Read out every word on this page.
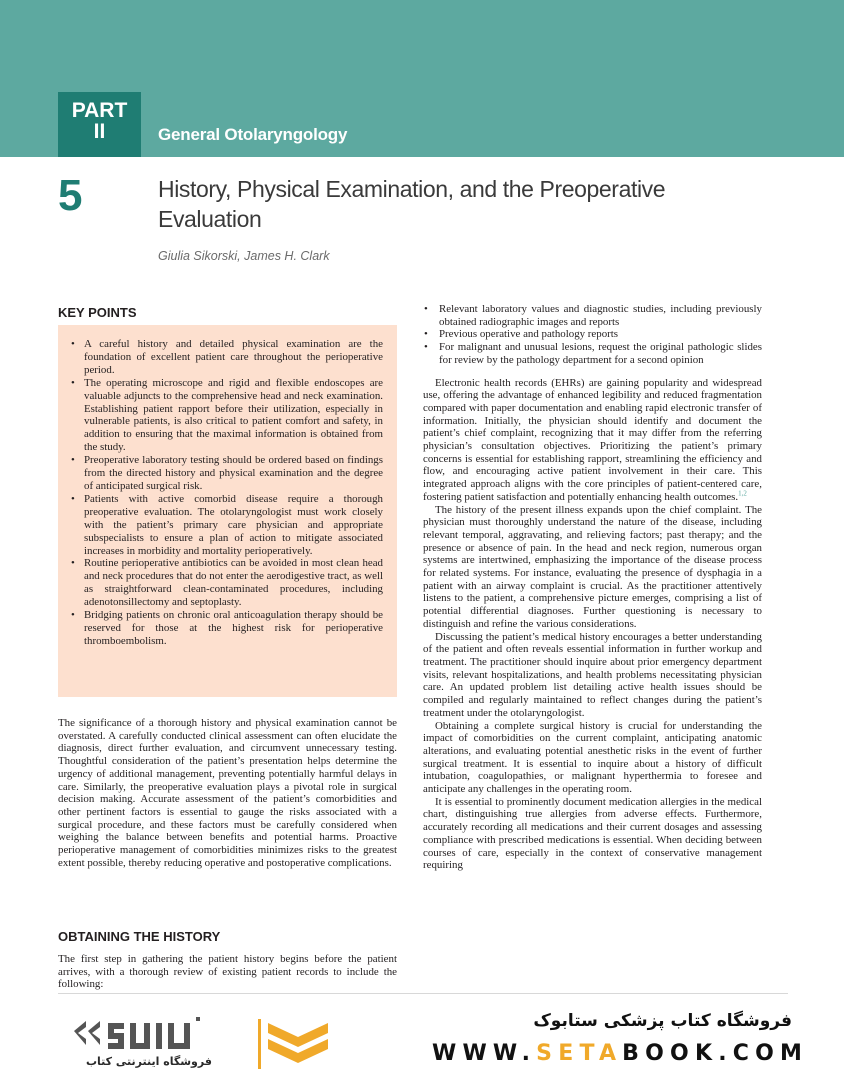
PART
II	General Otolaryngology
5	History, Physical Examination, and the Preoperative Evaluation
Giulia Sikorski, James H. Clark
KEY POINTS
• A careful history and detailed physical examination are the foundation of excellent patient care throughout the perioperative period.
• The operating microscope and rigid and flexible endoscopes are valuable adjuncts to the comprehensive head and neck examination. Establishing patient rapport before their utilization, especially in vulnerable patients, is also critical to patient comfort and safety, in addition to ensuring that the maximal information is obtained from the study.
• Preoperative laboratory testing should be ordered based on findings from the directed history and physical examination and the degree of anticipated surgical risk.
• Patients with active comorbid disease require a thorough preoperative evaluation. The otolaryngologist must work closely with the patient’s primary care physician and appropriate subspecialists to ensure a plan of action to mitigate associated increases in morbidity and mortality perioperatively.
• Routine perioperative antibiotics can be avoided in most clean head and neck procedures that do not enter the aerodigestive tract, as well as straightforward clean-contaminated procedures, including adenotonsillectomy and septoplasty.
• Bridging patients on chronic oral anticoagulation therapy should be reserved for those at the highest risk for perioperative thromboembolism.

The significance of a thorough history and physical examination cannot be overstated. A carefully conducted clinical assessment can often elucidate the diagnosis, direct further evaluation, and circumvent unnecessary testing. Thoughtful consideration of the patient’s presentation helps determine the urgency of additional management, preventing potentially harmful delays in care. Similarly, the preoperative evaluation plays a pivotal role in surgical decision making. Accurate assessment of the patient’s comorbidities and other pertinent factors is essential to gauge the risks associated with a surgical procedure, and these factors must be carefully considered when weighing the balance between benefits and potential harms. Proactive perioperative management of comorbidities minimizes risks to the greatest extent possible, thereby reducing operative and postoperative complications.

OBTAINING THE HISTORY

The first step in gathering the patient history begins before the patient arrives, with a thorough review of existing patient records to include the following:

• Relevant laboratory values and diagnostic studies, including previously obtained radiographic images and reports
• Previous operative and pathology reports
• For malignant and unusual lesions, request the original pathologic slides for review by the pathology department for a second opinion

Electronic health records (EHRs) are gaining popularity and widespread use, offering the advantage of enhanced legibility and reduced fragmentation compared with paper documentation and enabling rapid electronic transfer of information. Initially, the physician should identify and document the patient’s chief complaint, recognizing that it may differ from the referring physician’s consultation objectives. Prioritizing the patient’s primary concerns is essential for establishing rapport, streamlining the efficiency and flow, and encouraging active patient involvement in their care. This integrated approach aligns with the core principles of patient-centered care, fostering patient satisfaction and potentially enhancing health outcomes.$^{1,2}$

The history of the present illness expands upon the chief complaint. The physician must thoroughly understand the nature of the disease, including relevant temporal, aggravating, and relieving factors; past therapy; and the presence or absence of pain. In the head and neck region, numerous organ systems are intertwined, emphasizing the importance of the disease process for related systems. For instance, evaluating the presence of dysphagia in a patient with an airway complaint is crucial. As the practitioner attentively listens to the patient, a comprehensive picture emerges, comprising a list of potential differential diagnoses. Further questioning is necessary to distinguish and refine the various considerations.

Discussing the patient’s medical history encourages a better understanding of the patient and often reveals essential information in further workup and treatment. The practitioner should inquire about prior emergency department visits, relevant hospitalizations, and health problems necessitating physician care. An updated problem list detailing active health issues should be compiled and regularly maintained to reflect changes during the patient’s treatment under the otolaryngologist.

Obtaining a complete surgical history is crucial for understanding the impact of comorbidities on the current complaint, anticipating anatomic alterations, and evaluating potential anesthetic risks in the event of further surgical treatment. It is essential to inquire about a history of difficult intubation, coagulopathies, or malignant hyperthermia to foresee and anticipate any challenges in the operating room.

It is essential to prominently document medication allergies in the medical chart, distinguishing true allergies from adverse effects. Furthermore, accurately recording all medications and their current dosages and assessing compliance with prescribed medications is essential. When deciding between courses of care, especially in the context of conservative management requiring

فروشگاه اینترنتی کتاب
فروشگاه کتاب پزشکی ستابوک
WWW.SETABOOK.COM
